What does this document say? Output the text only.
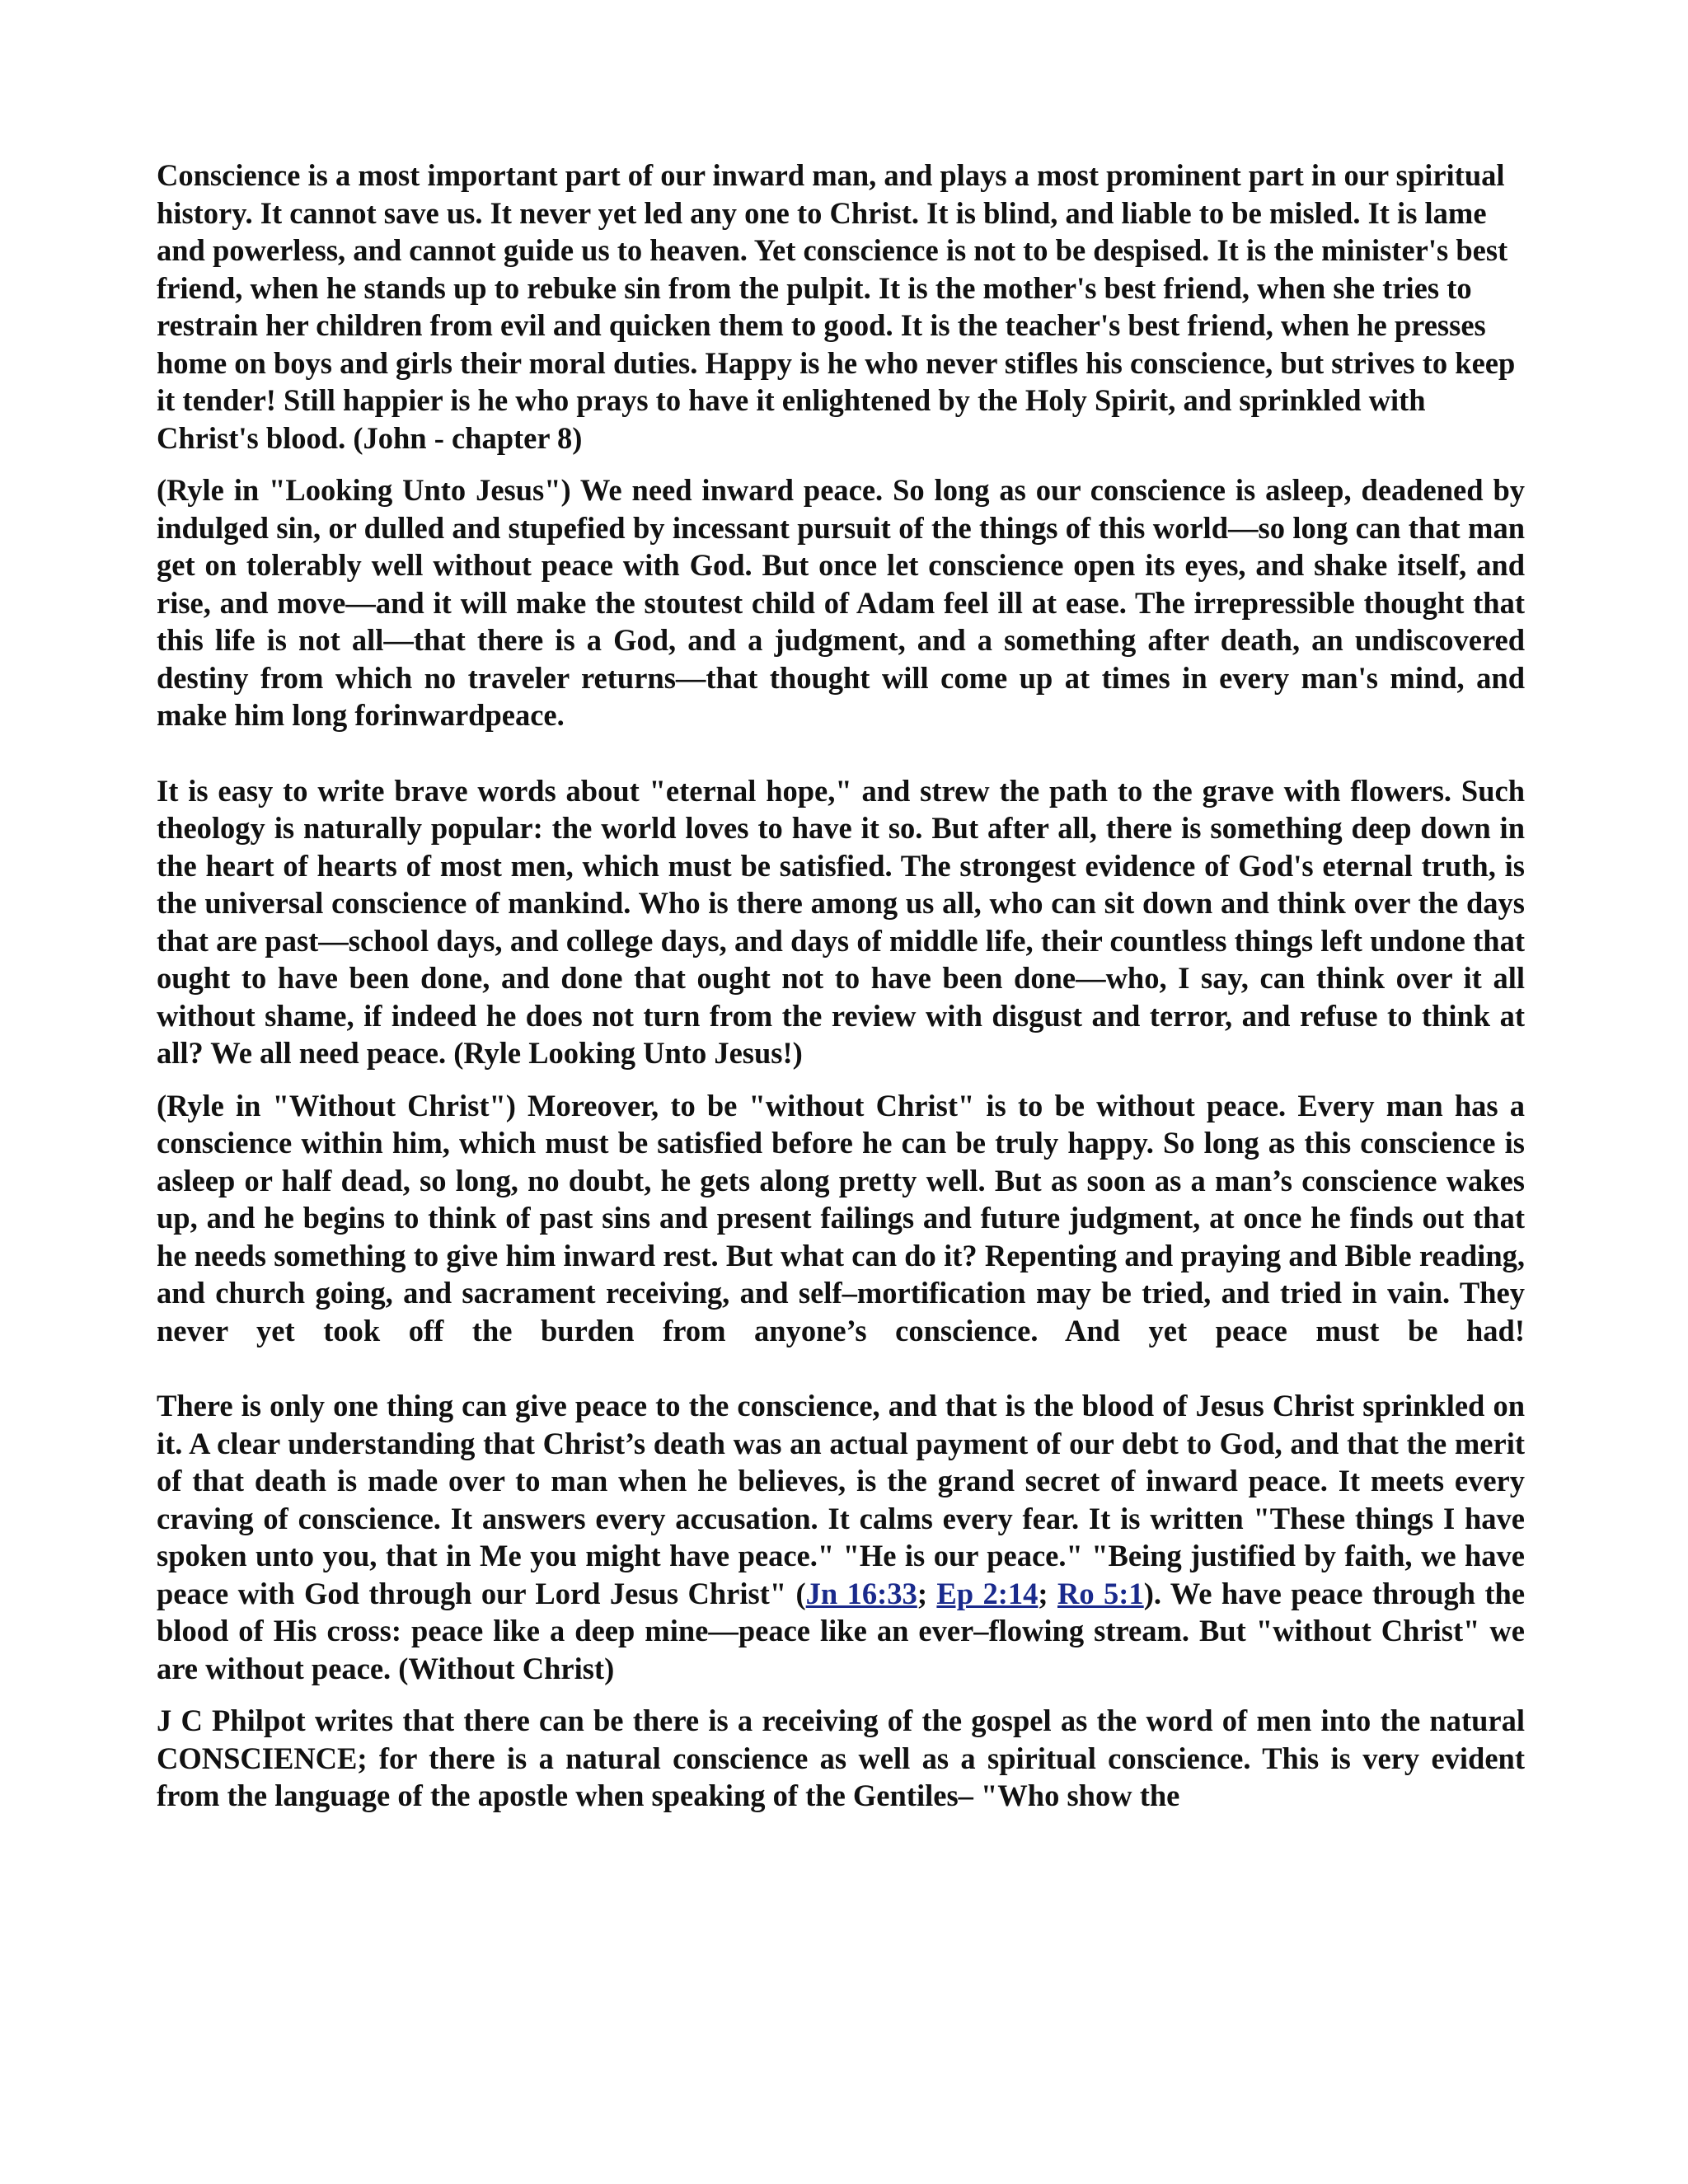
Conscience is a most important part of our inward man, and plays a most prominent part in our spiritual history. It cannot save us. It never yet led any one to Christ. It is blind, and liable to be misled. It is lame and powerless, and cannot guide us to heaven. Yet conscience is not to be despised. It is the minister's best friend, when he stands up to rebuke sin from the pulpit. It is the mother's best friend, when she tries to restrain her children from evil and quicken them to good. It is the teacher's best friend, when he presses home on boys and girls their moral duties. Happy is he who never stifles his conscience, but strives to keep it tender! Still happier is he who prays to have it enlightened by the Holy Spirit, and sprinkled with Christ's blood. (John - chapter 8)

(Ryle in "Looking Unto Jesus") We need inward peace. So long as our conscience is asleep, deadened by indulged sin, or dulled and stupefied by incessant pursuit of the things of this world—so long can that man get on tolerably well without peace with God. But once let conscience open its eyes, and shake itself, and rise, and move—and it will make the stoutest child of Adam feel ill at ease. The irrepressible thought that this life is not all—that there is a God, and a judgment, and a something after death, an undiscovered destiny from which no traveler returns—that thought will come up at times in every man's mind, and make him long forinwardpeace.

It is easy to write brave words about "eternal hope," and strew the path to the grave with flowers. Such theology is naturally popular: the world loves to have it so. But after all, there is something deep down in the heart of hearts of most men, which must be satisfied. The strongest evidence of God's eternal truth, is the universal conscience of mankind. Who is there among us all, who can sit down and think over the days that are past—school days, and college days, and days of middle life, their countless things left undone that ought to have been done, and done that ought not to have been done—who, I say, can think over it all without shame, if indeed he does not turn from the review with disgust and terror, and refuse to think at all? We all need peace. (Ryle Looking Unto Jesus!)

(Ryle in "Without Christ") Moreover, to be "without Christ" is to be without peace. Every man has a conscience within him, which must be satisfied before he can be truly happy. So long as this conscience is asleep or half dead, so long, no doubt, he gets along pretty well. But as soon as a man’s conscience wakes up, and he begins to think of past sins and present failings and future judgment, at once he finds out that he needs something to give him inward rest. But what can do it? Repenting and praying and Bible reading, and church going, and sacrament receiving, and self–mortification may be tried, and tried in vain. They never yet took off the burden from anyone’s conscience. And yet peace must be had!

There is only one thing can give peace to the conscience, and that is the blood of Jesus Christ sprinkled on it. A clear understanding that Christ’s death was an actual payment of our debt to God, and that the merit of that death is made over to man when he believes, is the grand secret of inward peace. It meets every craving of conscience. It answers every accusation. It calms every fear. It is written "These things I have spoken unto you, that in Me you might have peace." "He is our peace." "Being justified by faith, we have peace with God through our Lord Jesus Christ" (Jn 16:33; Ep 2:14; Ro 5:1). We have peace through the blood of His cross: peace like a deep mine—peace like an ever–flowing stream. But "without Christ" we are without peace. (Without Christ)

J C Philpot writes that there can be there is a receiving of the gospel as the word of men into the natural CONSCIENCE; for there is a natural conscience as well as a spiritual conscience. This is very evident from the language of the apostle when speaking of the Gentiles– "Who show the
